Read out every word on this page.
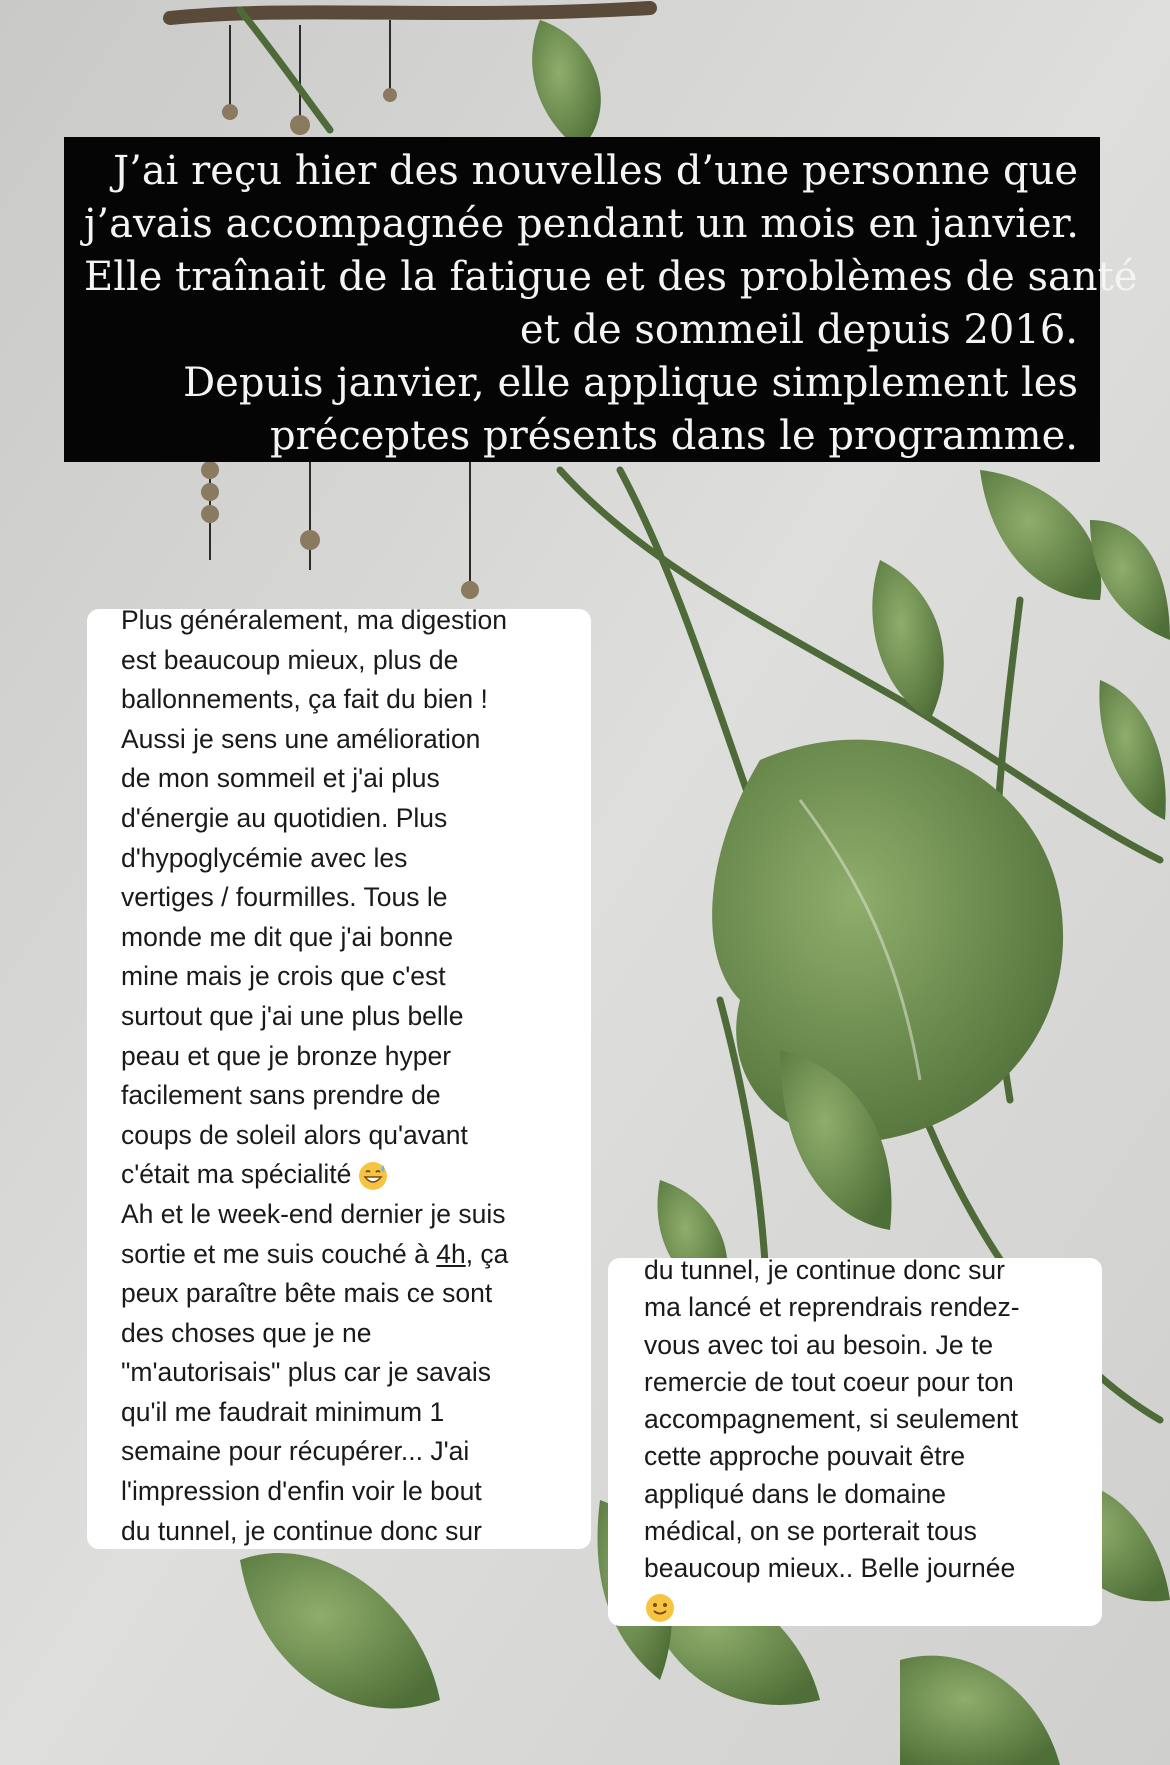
J’ai reçu hier des nouvelles d’une personne que
j’avais accompagnée pendant un mois en janvier.
Elle traînait de la fatigue et des problèmes de santé
et de sommeil depuis 2016.
Depuis janvier, elle applique simplement les
préceptes présents dans le programme.
Plus généralement, ma digestion
est beaucoup mieux, plus de
ballonnements, ça fait du bien !
Aussi je sens une amélioration
de mon sommeil et j'ai plus
d'énergie au quotidien. Plus
d'hypoglycémie avec les
vertiges / fourmilles. Tous le
monde me dit que j'ai bonne
mine mais je crois que c'est
surtout que j'ai une plus belle
peau et que je bronze hyper
facilement sans prendre de
coups de soleil alors qu'avant
c'était ma spécialité
Ah et le week-end dernier je suis
sortie et me suis couché à 4h, ça
peux paraître bête mais ce sont
des choses que je ne
"m'autorisais" plus car je savais
qu'il me faudrait minimum 1
semaine pour récupérer... J'ai
l'impression d'enfin voir le bout
du tunnel, je continue donc sur
du tunnel, je continue donc sur
ma lancé et reprendrais rendez-
vous avec toi au besoin. Je te
remercie de tout coeur pour ton
accompagnement, si seulement
cette approche pouvait être
appliqué dans le domaine
médical, on se porterait tous
beaucoup mieux.. Belle journée
